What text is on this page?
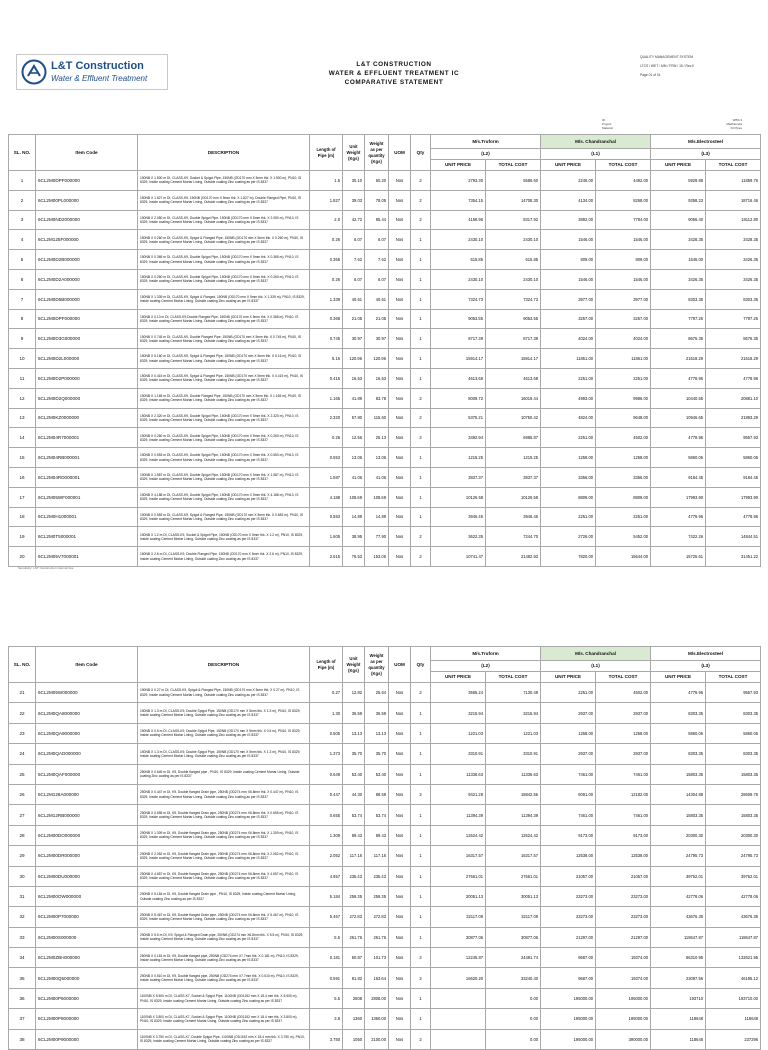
L&T Construction
Water & Effluent Treatment
L&T CONSTRUCTION
WATER & EFFLUENT TREATMENT IC
COMPARATIVE STATEMENT
QUALITY MANAGEMENT SYSTEM
LTCS / WET / MM / FRM / 15 / Rev.0
Page 01 of 01
ID	WBS 3
Project	Madhkonda
Material	DI Pipes
SL. NO.	Item Code	DESCRIPTION	Length of Pipe (m)	Unit Weight (Kgs)	Weight as per quantity (Kgs)	UOM	Qty	M/s.Truform		M/s. Chandranchal		M/s.Electrosteel	
								(L2)		(L1)		(L3)	
								UNIT PRICE	TOTAL COST	UNIT PRICE	TOTAL COST	UNIT PRICE	TOTAL COST
1	6CL2M0DPF000000	150NB X 1.500 m DI, CLASS-K9, Socket & Spigot Pipe, 150NB (OD170 mm X 5mm thk. X 1.500 m), PN10, IS 8329, Inside coating Cement Mortar Lining, Outside coating Zinc coating as per IS 8337	1.5	30.10	60.20	Nos	2	2793.30	5586.60	2246.00	4492.00	5929.88	11859.76
2	6CL2M00PL000000	150NB X 1.827 m DI, CLASS-K9, 150NB (OD170 mm X 5mm thk. X 1.827 m), Double Flanged Pipe, PN10, IS 8329, Inside coating Cement Mortar Lining, Outside coating Zinc coating as per IS 8337	1.827	39.03	78.05	Nos	2	7354.15	14708.30	4134.00	8268.00	9358.23	18716.46
3	6CL2M0ND2000000	150NB X 2.050 m DI, CLASS-K9, Double Spigot Pipe, 150NB (OD170 mm X 5mm thk. X 2.050 m), PN10, IS 8329, Inside coating Cement Mortar Lining, Outside coating Zinc coating as per IS 8337	2.0	42.72	85.44	Nos	2	4158.96	8317.92	3892.00	7784.00	9056.40	18112.80
4	6CL2M125F000000	150NB X 0.260 m DI, CLASS-K9, Spigot & Flanged Pipe, 150NB (OD170 mm X 5mm thk. X 0.260 m), PN10, IS 8329, Inside coating Cement Mortar Lining, Outside coating Zinc coating as per IS 8337	0.26	6.07	6.07	Nos	1	2430.10	2430.10	1546.00	1546.00	3428.35	3428.35
5	6CL2M0D2B000000	150NB X 0.365 m DI, CLASS-K9, Double Spigot Pipe, 150NB (OD170 mm X 5mm thk. X 0.365 m), PN10, IS 8329, Inside coating Cement Mortar Lining, Outside coating Zinc coating as per IS 8337	0.365	7.62	7.62	Nos	1	615.85	615.85	809.00	809.00	1546.00	3426.35
6	6CL2M0D2A000000	150NB X 0.260 m DI, CLASS-K9, Double Spigot Pipe, 150NB (OD170 mm X 5mm thk. X 0.260 m), PN10, IS 8329, Inside coating Cement Mortar Lining, Outside coating Zinc coating as per IS 8337	0.26	6.07	6.07	Nos	1	2430.10	2430.10	1546.00	1546.00	3426.35	3426.35
7	6CL2M0D5B000000	150NB X 1.339 m DI, CLASS-K9, Spigot & Flanged, 150NB (OD170 mm X 5mm thk. X 1.339 m), PN10, IS 8329, Inside coating Cement Mortar Lining, Outside coating Zinc coating as per IS 8337	1.339	40.61	40.61	Nos	1	7324.73	7324.73	3977.00	3977.00	8303.35	8303.35
8	6CL2M0DPF000000	150NB X 0.13 m DI, CLASS-K9,Double Flanged Pipe, 150NB (OD170 mm X 5mm thk. X 0.368 m), PN10, IS 8329, Inside coating Cement Mortar Lining, Outside coating Zinc coating as per IS 8337	0.368	21.05	21.05	Nos	1	9053.55	9053.55	3257.00	3257.00	7797.26	7797.26
9	6CL2M0D3G000000	150NB X 0.745 m DI, CLASS-K9, Double Flanged Pipe, 150NB (OD170 mm X 5mm thk. X 0.745 m), PN10, IS 8329, Inside coating Cement Mortar Lining, Outside coating Zinc coating as per IS 8337	0.745	30.97	30.97	Nos	1	8717.39	8717.39	4024.00	4024.00	8676.35	8676.35
10	6CL2M0D2L000000	150NB X 5.160 m DI, CLASS-K9, Spigot & Flanged Pipe, 150NB (OD170 mm X 5mm thk. X 5.16 m), PN10, IS 8329, Inside coating Cement Mortar Lining, Outside coating Zinc coating as per IS 8337	5.16	120.96	120.96	Nos	1	15914.17	15914.17	11851.00	11851.00	21518.29	21518.29
11	6CL2M0D2P000000	150NB X 0.415 m DI, CLASS-K9, Spigot & Flanged Pipe, 150NB (OD170 mm X 5mm thk. X 0.415 m), PN10, IS 8329, Inside coating Cement Mortar Lining, Outside coating Zinc coating as per IS 8337	0.415	16.53	16.53	Nos	1	4613.68	4613.68	2251.00	2251.00	4778.96	4778.96
12	6CL2M0D2Q000000	150NB X 1.165 m DI, CLASS-K9, Double Flanged Pipe, 150NB (OD170 mm X 5mm thk. X 1.165 m), PN10, IS 8329, Inside coating Cement Mortar Lining, Outside coating Zinc coating as per IS 8337	1.165	41.89	83.78	Nos	2	8009.72	16019.44	4993.00	9986.00	10440.55	20881.10
13	6CL2M0KZ0000000	150NB X 2.320 m DI, CLASS-K9, Double Spigot Pipe, 150NB (OD170 mm X 5mm thk. X 2.320 m), PN10, IS 8329, Inside coating Cement Mortar Lining, Outside coating Zinc coating as per IS 8337	2.320	57.80	115.60	Nos	2	5375.21	10750.42	4824.00	9648.00	10946.65	21893.29
14	6CL2M04R7000001	150NB X 0.260 m DI, CLASS-K9, Double Spigot Pipe, 150NB (OD170 mm X 5mm thk. X 0.260 m), PN10, IS 8329, Inside coating Cement Mortar Lining, Outside coating Zinc coating as per IS 8337	0.26	12.56	25.13	Nos	2	3492.94	6985.87	2251.00	4502.00	4778.96	9557.93
15	6CL2M04RB000001	150NB X 0.553 m DI, CLASS-K9, Double Spigot Pipe, 150NB (OD170 mm X 5mm thk. X 0.553 m), PN10, IS 8329, Inside coating Cement Mortar Lining, Outside coating Zinc coating as per IS 8337	0.553	13.06	13.06	Nos	1	1215.25	1215.25	1258.00	1258.00	5860.06	5860.06
16	6CL2M04RD000001	150NB X 1.587 m DI, CLASS-K9, Double Spigot Pipe, 150NB (OD170 mm X 5mm thk. X 1.587 m), PN10, IS 8329, Inside coating Cement Mortar Lining, Outside coating Zinc coating as per IS 8337	1.587	41.06	41.06	Nos	1	3837.37	3837.37	3356.00	3356.00	9184.45	9184.45
17	6CL2M05WF000001	150NB X 4.188 m DI, CLASS-K9, Double Spigot Pipe, 150NB (OD170 mm X 5mm thk. X 4.188 m), PN10, IS 8329, Inside coating Cement Mortar Lining, Outside coating Zinc coating as per IS 8337	4.188	108.69	108.69	Nos	1	10126.58	10126.58	8809.00	8809.00	17993.90	17993.90
18	6CL2M0H1000001	150NB X 0.583 m DI, CLASS-K9, Spigot & Flanged Pipe, 150NB (OD170 mm X 5mm thk. X 0.583 m), PN10, IS 8329, Inside coating Cement Mortar Lining, Outside coating Zinc coating as per IS 8337	0.583	14.89	14.89	Nos	1	3946.46	3946.46	2251.00	2251.00	4778.96	4778.96
19	6CL2M0T5000001	150NB X 1.2 m DI, CLASS-K9, Socket & Spigot Pipe, 150NB (OD170 mm X 5mm thk. X 1.2 m), PN10, IS 8329, Inside coating Cement Mortar Lining, Outside coating Zinc coating as per IS 8337	1.605	38.95	77.90	Nos	2	3622.35	7244.70	2726.00	5452.00	7422.26	14844.51
20	6CL2M05V7000001	150NB X 2.6 m DI, CLASS-K9, Double Flanged Pipe, 150NB (OD170 mm X 5mm thk. X 2.6 m), PN10, IS 8329, Inside coating Cement Mortar Lining, Outside coating Zinc coating as per IS 8337	2.615	76.53	153.06	Nos	2	10741.47	21482.93	7820.00	15644.00	15725.61	31451.22
Sensitivity: LNT Construction Internal Use
SL. NO.	Item Code	DESCRIPTION	Length of Pipe (m)	Unit Weight (Kgs)	Weight as per quantity (Kgs)	UOM	Qty	M/s.Truform		M/s. Chandranchal		M/s.Electrosteel	
								(L2)		(L1)		(L3)	
								UNIT PRICE	TOTAL COST	UNIT PRICE	TOTAL COST	UNIT PRICE	TOTAL COST
21	6CL2M05W000000	150NB X 0.27 m DI, CLASS-K9, Spigot & Flanged Pipe, 150NB (OD170 mm X 5mm thk. X 0.27 m), PN10, IS 8329, Inside coating Cement Mortar Lining, Outside coating Zinc coating as per IS 8337	0.27	12.82	25.64	Nos	2	3565.24	7130.48	2251.00	4502.00	4778.96	9557.93
22	6CL2M0QA8000000	150NB X 1.3 m DI, CLASS-K9, Double Spigot Pipe, 150NB (OD170 mm X 5mm thk. X 1.3 m), PN10, IS 8329, Inside coating Cement Mortar Lining, Outside coating Zinc coating as per IS 8337	1.30	36.59	36.59	Nos	1	3215.94	3215.94	2937.00	2937.00	8303.35	8303.35
23	6CL2M0QA9000000	150NB X 0.5 m DI, CLASS-K9, Double Spigot Pipe, 150NB (OD170 mm X 5mm thk. X 0.5 m), PN10, IS 8329, Inside coating Cement Mortar Lining, Outside coating Zinc coating as per IS 8337	0.505	13.13	13.13	Nos	1	1221.03	1221.03	1258.00	1258.00	5860.06	5860.06
24	6CL2M0QAD000000	150NB X 1.3 m DI, CLASS-K9, Double Spigot Pipe, 150NB (OD170 mm X 5mm thk. X 1.3 m), PN10, IS 8329, Inside coating Cement Mortar Lining, Outside coating Zinc coating as per IS 8337	1.373	35.70	35.70	Nos	1	3310.91	3310.91	2937.00	2937.00	8303.35	8303.35
25	6CL2M0QAF000000	250NB X 0.649 m DI, K9, Double flanged pipe , PN10, IS 8329, Inside coating Cement Mortar Lining, Outside coating Zinc coating as per IS 8337	0.649	53.40	53.40	Nos	1	11336.63	11336.63	7461.00	7461.00	15803.35	15803.35
26	6CL2M128A000000	250NB X 0.447 m DI, K9, Double flanged Drain pipe, 250NB (OD274 mm X6.8mm thk. X 0.447 m), PN10, IS 8329, Inside coating Cement Mortar Lining, Outside coating Zinc coating as per IS 8337	0.447	44.30	88.59	Nos	2	9421.28	18842.56	6091.00	12182.00	14304.88	28609.76
27	6CL2M12RB000000	250NB X 0.655 m DI, K9, Double flanged Drain pipe, 250NB (OD274 mm X6.8mm thk. X 0.655 m), PN10, IS 8329, Inside coating Cement Mortar Lining, Outside coating Zinc coating as per IS 8337	0.655	53.74	53.74	Nos	1	11394.39	11394.39	7461.00	7461.00	15803.35	15803.35
28	6CL2M00DO000000	250NB X 1.309 m DI, K9, Double flanged Drain pipe, 250NB (OD274 mm X6.8mm thk. X 1.309 m), PN10, IS 8329, Inside coating Cement Mortar Lining, Outside coating Zinc coating as per IS 8337	1.309	89.43	89.43	Nos	1	12624.42	12624.42	9173.00	9173.00	20300.30	20300.30
29	6CL2M00DR000000	250NB X 2.052 m DI, K9, Double flanged Drain pipe, 250NB (OD274 mm X6.8mm thk. X 2.052 m), PN10, IS 8329, Inside coating Cement Mortar Lining, Outside coating Zinc coating as per IS 8337	2.052	117.16	117.16	Nos	1	16317.57	16317.57	12538.00	12538.00	24795.73	24795.73
30	6CL2M00DU000000	250NB X 4.657 m DI, K9, Double flanged Drain pipe, 250NB (OD274 mm X6.8mm thk. X 4.657 m), PN10, IS 8329, Inside coating Cement Mortar Lining, Outside coating Zinc coating as per IS 8337	4.657	235.43	235.43	Nos	1	27661.01	27661.01	21057.00	21057.00	39762.01	39762.01
31	6CL2M00OW000000	250NB X 5.184 m DI, K9, Double flanged Drain pipe , PN10, IS 8329, Inside coating Cement Mortar Lining, Outside coating Zinc coating as per IS 8337	5.184	259.35	259.35	Nos	1	30051.13	30051.13	23273.00	23273.00	42778.06	42778.06
32	6CL2M00P7000000	250NB X 5.467 m DI, K9, Double flanged Drain pipe, 250NB (OD274 mm X6.8mm thk. X 5.467 m), PN10, IS 8329, Inside coating Cement Mortar Lining, Outside coating Zinc coating as per IS 8337	5.467	272.83	272.83	Nos	1	32117.09	32117.09	23273.00	23273.00	43676.35	43676.35
33	6CL2M00S000000	250NB X 5.5 m DI, K9, Spigot & Flanged Drain pipe, 250NB (OD274 mm X6.8mm thk. X 5.5 m), PN10, IS 8329, Inside coating Cement Mortar Lining, Outside coating Zinc coating as per IS 8337	5.5	261.76	261.76	Nos	1	30877.06	30877.06	21297.00	21297.00	118647.87	118647.87
34	6CL2M0ZBH000000	250NB X 0.181 m DI, K9, Double flanged pipe, 250NB (OD274 mm X7.7mm thk. X 0.181 m), PN10, IS 8329, Inside coating Cement Mortar Lining, Outside coating Zinc coating as per IS 8337	0.181	50.87	101.73	Nos	2	12245.87	24491.74	9687.00	19374.00	66310.95	132621.95
35	6CL2M00Q5000000	250NB X 0.510 m DI, K9, Double flanged pipe, 250NB (OD274 mm X7.7mm thk. X 0.510 m), PN10, IS 8329, Inside coating Cement Mortar Lining, Outside coating Zinc coating as per IS 8337	0.591	81.82	163.64	Nos	2	16620.20	33240.40	9687.00	19374.00	23097.56	46195.12
36	6CL2M00P6000000	1100NB X 5.500 m DI, CLASS-K7, Socket & Spigot Pipe, 1100NB (OD1152 mm X 18.4 mm thk. X 5.500 m), PN10, IS 8329, Inside coating Cement Mortar Lining, Outside coating Zinc coating as per IS 8337	5.5	2808	2808.00	Nos	1		0.00	195000.00	195000.00	193710	193710.00
37	6CL2M00P8000000	1100NB X 3.800 m DI, CLASS-K7, Socket & Spigot Pipe, 1100NB (OD1152 mm X 18.4 mm thk. X 3.800 m), PN10, IS 8329, Inside coating Cement Mortar Lining, Outside coating Zinc coating as per IS 8337	3.8	1360	1360.00	Nos	1		0.00	195000.00	195000.00	118648	118648
38	6CL2M00P9000000	1100NB X 3.750 m DI, CLASS-K7, Double Spigot Pipe, 1100NB (OD1152 mm X 18.4 mm thk. X 3.750 m), PN10, IS 8329, Inside coating Cement Mortar Lining, Outside coating Zinc coating as per IS 8337	3.750	1050	2100.00	Nos	2		0.00	195000.00	390000.00	118648	237296
